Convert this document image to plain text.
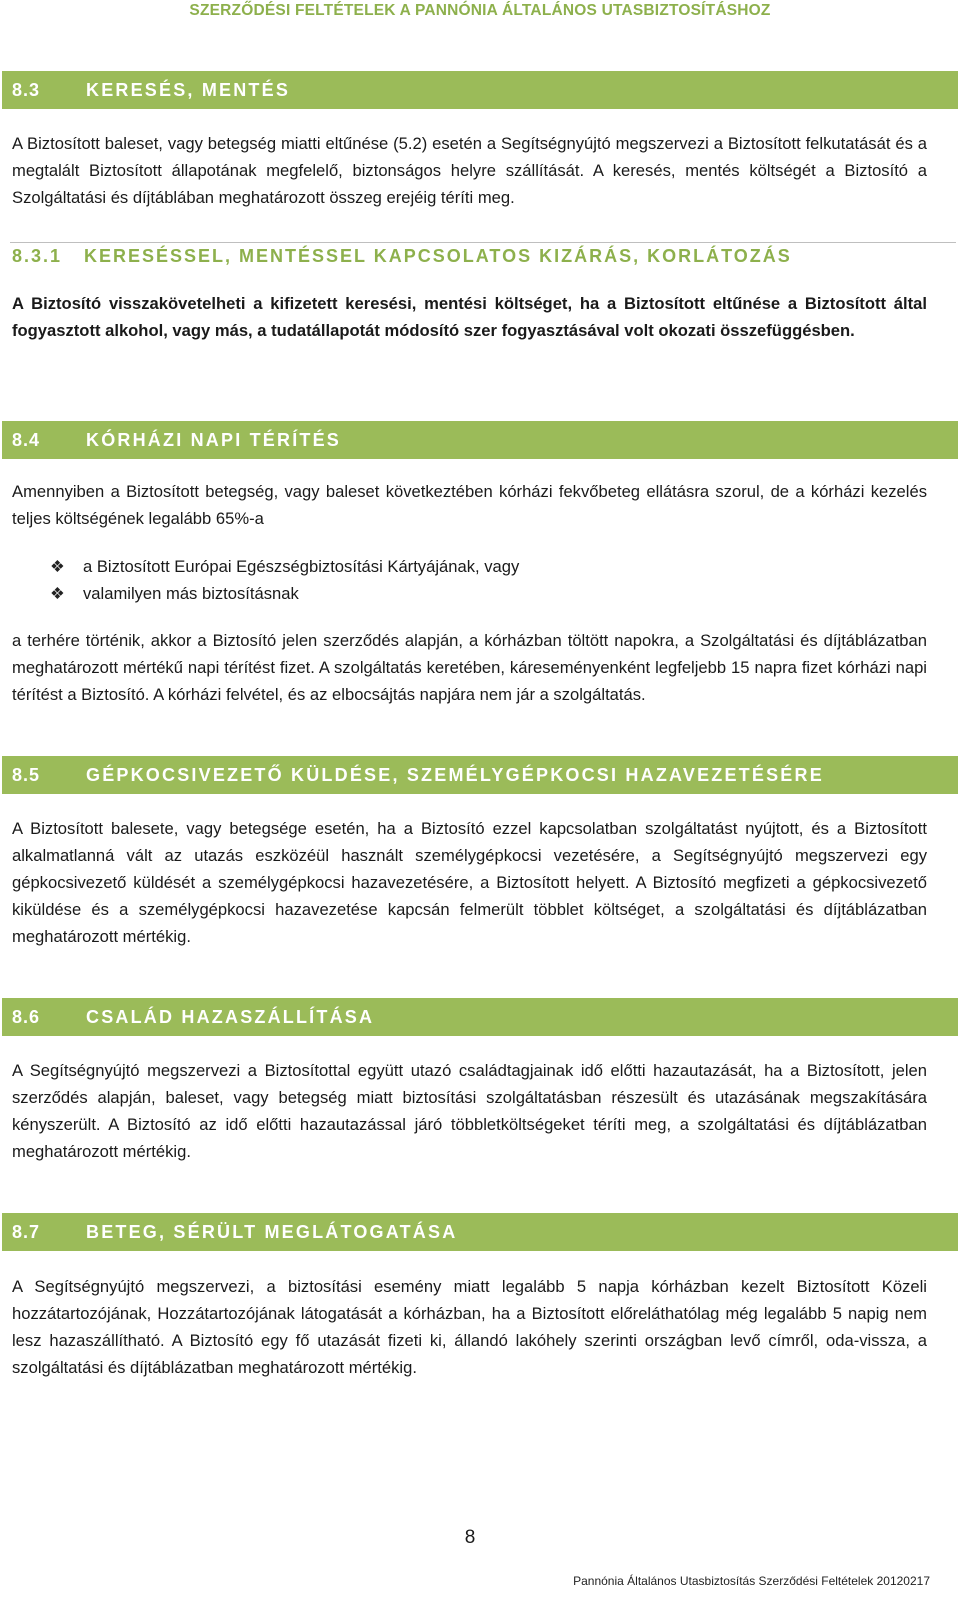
SZERZŐDÉSI FELTÉTELEK A PANNÓNIA ÁLTALÁNOS UTASBIZTOSÍTÁSHOZ
8.3	KERESÉS, MENTÉS

A Biztosított baleset, vagy betegség miatti eltűnése (5.2) esetén a Segítségnyújtó megszervezi a Biztosított felkutatását és a megtalált Biztosított állapotának megfelelő, biztonságos helyre szállítását. A keresés, mentés költségét a Biztosító a Szolgáltatási és díjtáblában meghatározott összeg erejéig téríti meg.

8.3.1 KERESÉSSEL, MENTÉSSEL KAPCSOLATOS KIZÁRÁS, KORLÁTOZÁS

A Biztosító visszakövetelheti a kifizetett keresési, mentési költséget, ha a Biztosított eltűnése a Biztosított által fogyasztott alkohol, vagy más, a tudatállapotát módosító szer fogyasztásával volt okozati összefüggésben.

8.4	KÓRHÁZI NAPI TÉRÍTÉS

Amennyiben a Biztosított betegség, vagy baleset következtében kórházi fekvőbeteg ellátásra szorul, de a kórházi kezelés teljes költségének legalább 65%-a

❖ a Biztosított Európai Egészségbiztosítási Kártyájának, vagy
❖ valamilyen más biztosításnak

a terhére történik, akkor a Biztosító jelen szerződés alapján, a kórházban töltött napokra, a Szolgáltatási és díjtáblázatban meghatározott mértékű napi térítést fizet. A szolgáltatás keretében, káreseményenként legfeljebb 15 napra fizet kórházi napi térítést a Biztosító. A kórházi felvétel, és az elbocsájtás napjára nem jár a szolgáltatás.

8.5	GÉPKOCSIVEZETŐ KÜLDÉSE, SZEMÉLYGÉPKOCSI HAZAVEZETÉSÉRE

A Biztosított balesete, vagy betegsége esetén, ha a Biztosító ezzel kapcsolatban szolgáltatást nyújtott, és a Biztosított alkalmatlanná vált az utazás eszközéül használt személygépkocsi vezetésére, a Segítségnyújtó megszervezi egy gépkocsivezető küldését a személygépkocsi hazavezetésére, a Biztosított helyett. A Biztosító megfizeti a gépkocsivezető kiküldése és a személygépkocsi hazavezetése kapcsán felmerült többlet költséget, a szolgáltatási és díjtáblázatban meghatározott mértékig.

8.6	CSALÁD HAZASZÁLLÍTÁSA

A Segítségnyújtó megszervezi a Biztosítottal együtt utazó családtagjainak idő előtti hazautazását, ha a Biztosított, jelen szerződés alapján, baleset, vagy betegség miatt biztosítási szolgáltatásban részesült és utazásának megszakítására kényszerült. A Biztosító az idő előtti hazautazással járó többletköltségeket téríti meg, a szolgáltatási és díjtáblázatban meghatározott mértékig.

8.7	BETEG, SÉRÜLT MEGLÁTOGATÁSA

A Segítségnyújtó megszervezi, a biztosítási esemény miatt legalább 5 napja kórházban kezelt Biztosított Közeli hozzátartozójának, Hozzátartozójának látogatását a kórházban, ha a Biztosított előreláthatólag még legalább 5 napig nem lesz hazaszállítható. A Biztosító egy fő utazását fizeti ki, állandó lakóhely szerinti országban levő címről, oda-vissza, a szolgáltatási és díjtáblázatban meghatározott mértékig.

8
Pannónia Általános Utasbiztosítás Szerződési Feltételek 20120217
